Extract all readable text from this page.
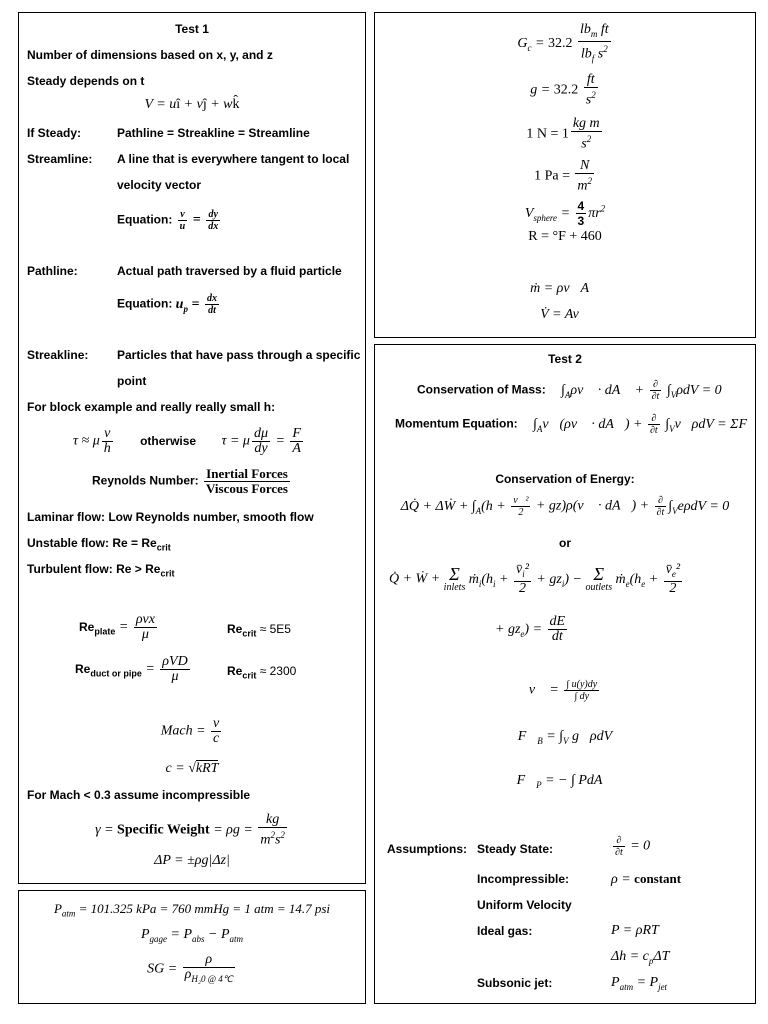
Test 1
Number of dimensions based on x, y, and z
Steady depends on t
V = uî + vĵ + wk̂
If Steady:	Pathline = Streakline = Streamline
Streamline: A line that is everywhere tangent to local
velocity vector
Equation: $\frac{v}{u} = \frac{dy}{dx}$
Pathline:	Actual path traversed by a fluid particle
Equation: $u_p = \frac{dx}{dt}$
Streakline: Particles that have pass through a specific
point
For block example and really really small h:
τ ≈ μ $\frac{v}{h}$ otherwise τ = μ $\frac{d\mu}{dy} = \frac{F}{A}$
Reynolds Number: $\frac{\text{Inertial Forces}}{\text{Viscous Forces}}$
Laminar flow: Low Reynolds number, smooth flow
Unstable flow: $Re = Re_{crit}$
Turbulent flow: $Re > Re_{crit}$
$Re_{plate} = \frac{\text{ρvx}}{\mu}$	$Re_{crit} \approx 5E5$
$Re_{duct or pipe} = \frac{\text{ρVD}}{\mu}$	$Re_{crit} \approx 2300$
Mach = $\frac{v}{c}$
c = √kRT
For Mach < 0.3 assume incompressible
γ = Specific Weight = $\rho g = \frac{kg}{m^2s^2}$
ΔP = ±ρg|Δz|
$P_{atm} = 101.325$ kPa = 760 mmHg = 1 atm = 14.7 psi
$P_{gage} = P_{abs} - P_{atm}$
SG = $\frac{\rho}{\rho_{H_20 @ 4℃}}$
$G_c = 32.2 \frac{lb_m ft}{lb_f s^2}$
$g = 32.2 \frac{ft}{s^2}$
1 $N = 1 \frac{\text{kg m}}{s^2}$
1 $Pa = \frac{N}{m^2}$
$V_{sphere} = \frac{4}{3} \pi r^2$
R = °F + 460
ṁ = ρv⃗A⃗
V̇ = Av⃗
Test 2
Conservation of Mass: $\int_A\rho v⃗$ · dA⃗ + $\frac{\partial}{\partial t} \int_V\rho dV = 0$
Momentum Equation: $\int_Av⃗(\rho v⃗$ · dA⃗) + $\frac{\partial}{\partial t}$ $\int_Vv⃗\rho dV$ = ΣF⃗
Conservation of Energy:
ΔQ̇ + ΔẆ + $\int_A(h + \frac{\text{v⃗²}}{2}$ + gz)ρ(v⃗ · dA⃗) + $\frac{\partial}{\partial t} \int_Ve\rho dV = 0$
or
Q̇ + Ẇ + Σ
inlets
$ṁ_i(h_i + \frac{v̄_i^2}{2} + gz_i) - \Sigma$
outlets
$ṁ_e(h_e + \frac{v̄_e^2}{2}$
+ $gz_e) = \frac{dE}{dt}$
v⃗ = $\frac{\int u(y)dy}{\int dy}$
$F⃗_B = \int_V$ g⃗ρdV
$F⃗_P$ = − ∫ PdA⃗
Assumptions: Steady State:	$\frac{\partial}{\partial t} = 0$
Incompressible:	ρ = constant
Uniform Velocity
Ideal gas:	P = ρRT
$\Delta h = c_p\Delta T$
Subsonic jet:	$P_{atm} = P_{jet}$
